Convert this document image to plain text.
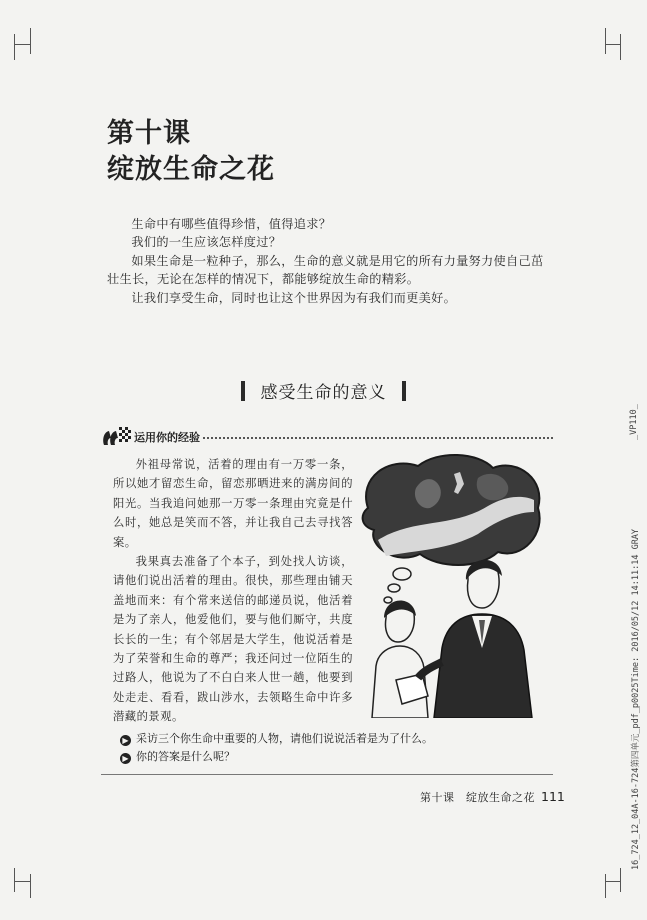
第十课
绽放生命之花

生命中有哪些值得珍惜，值得追求？

我们的一生应该怎样度过？

如果生命是一粒种子，那么，生命的意义就是用它的所有力量努力使自己茁壮生长，无论在怎样的情况下，都能够绽放生命的精彩。

让我们享受生命，同时也让这个世界因为有我们而更美好。

感受生命的意义
运用你的经验

外祖母常说，活着的理由有一万零一条，所以她才留恋生命，留恋那晒进来的满房间的阳光。当我追问她那一万零一条理由究竟是什么时，她总是笑而不答，并让我自己去寻找答案。

我果真去准备了个本子，到处找人访谈，请他们说出活着的理由。很快，那些理由铺天盖地而来：有个常来送信的邮递员说，他活着是为了亲人，他爱他们，要与他们厮守，共度长长的一生；有个邻居是大学生，他说活着是为了荣誉和生命的尊严；我还问过一位陌生的过路人，他说为了不白白来人世一趟，他要到处走走、看看，跋山涉水，去领略生命中许多潜藏的景观。

▶ 采访三个你生命中重要的人物，请他们说说活着是为了什么。
▶ 你的答案是什么呢？
第十课　绽放生命之花 111
_VP110_
16_724_12_04A-16-724第四单元_pdf_p0025Time: 2016/05/12 14:11:14 GRAY
